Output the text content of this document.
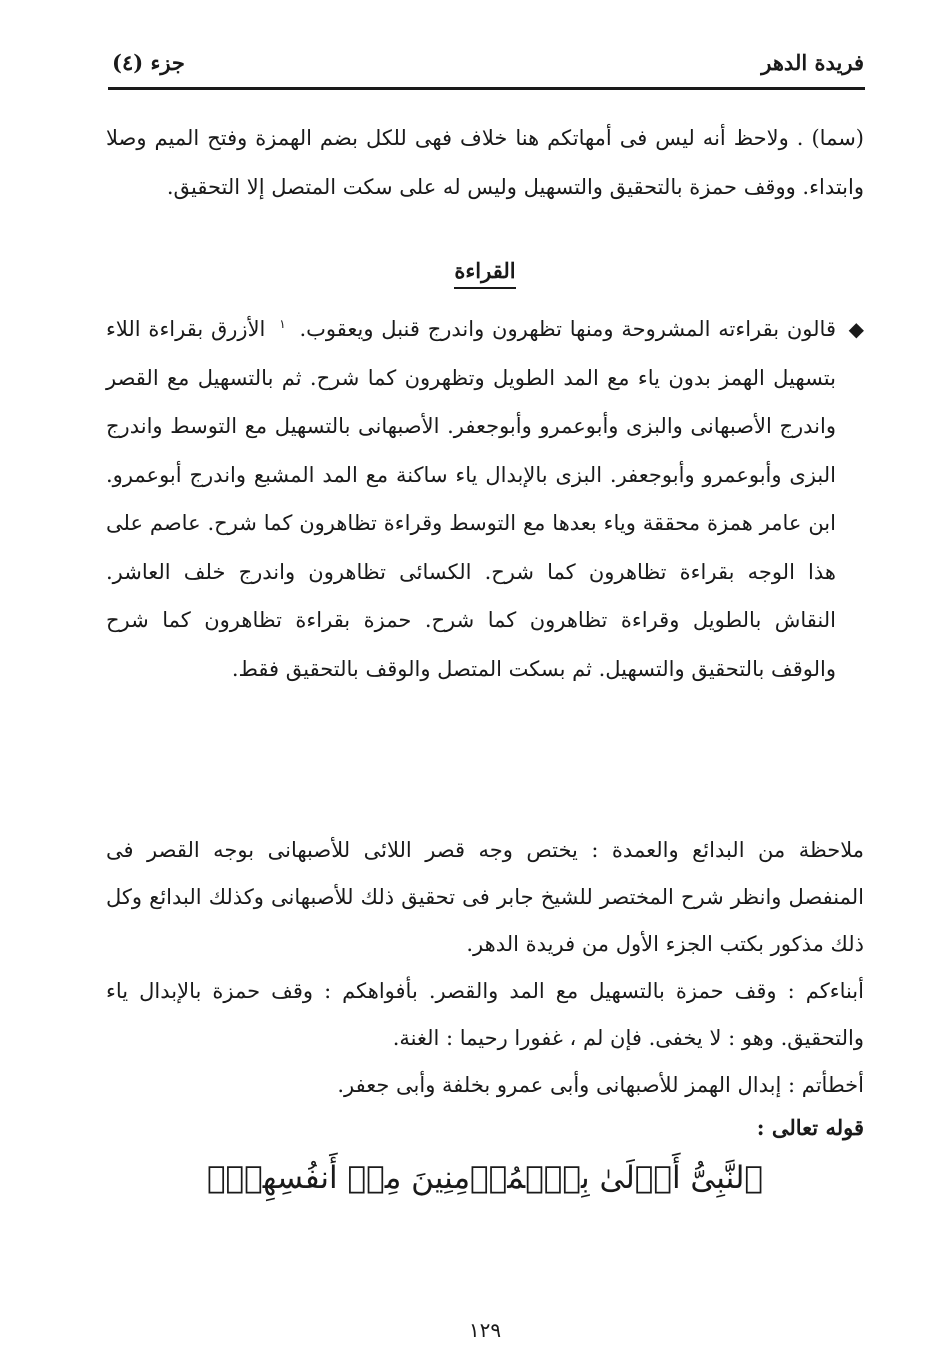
فريدة الدهر
جزء (٤)
(سما) . ولاحظ أنه ليس فى أمهاتكم هنا خلاف فهى للكل بضم الهمزة وفتح الميم وصلا وابتداء. ووقف حمزة بالتحقيق والتسهيل وليس له على سكت المتصل إلا التحقيق.
القراءة
◆
قالون بقراءته المشروحة ومنها تظهرون واندرج قنبل ويعقوب. $^١$ الأزرق بقراءة اللاء بتسهيل الهمز بدون ياء مع المد الطويل وتظهرون كما شرح. ثم بالتسهيل مع القصر واندرج الأصبهانى والبزى وأبوعمرو وأبوجعفر. الأصبهانى بالتسهيل مع التوسط واندرج البزى وأبوعمرو وأبوجعفر. البزى بالإبدال ياء ساكنة مع المد المشبع واندرج أبوعمرو. ابن عامر همزة محققة وياء بعدها مع التوسط وقراءة تظاهرون كما شرح. عاصم على هذا الوجه بقراءة تظاهرون كما شرح. الكسائى تظاهرون واندرج خلف العاشر. النقاش بالطويل وقراءة تظاهرون كما شرح. حمزة بقراءة تظاهرون كما شرح والوقف بالتحقيق والتسهيل. ثم بسكت المتصل والوقف بالتحقيق فقط.

ملاحظة من البدائع والعمدة : يختص وجه قصر اللائى للأصبهانى بوجه القصر فى المنفصل وانظر شرح المختصر للشيخ جابر فى تحقيق ذلك للأصبهانى وكذلك البدائع وكل ذلك مذكور بكتب الجزء الأول من فريدة الدهر.

أبناءكم : وقف حمزة بالتسهيل مع المد والقصر. بأفواهكم : وقف حمزة بالإبدال ياء والتحقيق. وهو : لا يخفى. فإن لم ، غفورا رحيما : الغنة.

أخطأتم : إبدال الهمز للأصبهانى وأبى عمرو بخلفة وأبى جعفر.

قوله تعالى :
ٱلنَّبِىُّ أَوۡلَىٰ بِٱلۡمُؤۡمِنِينَ مِنۡ أَنفُسِهِمۡۖ
١٢٩
